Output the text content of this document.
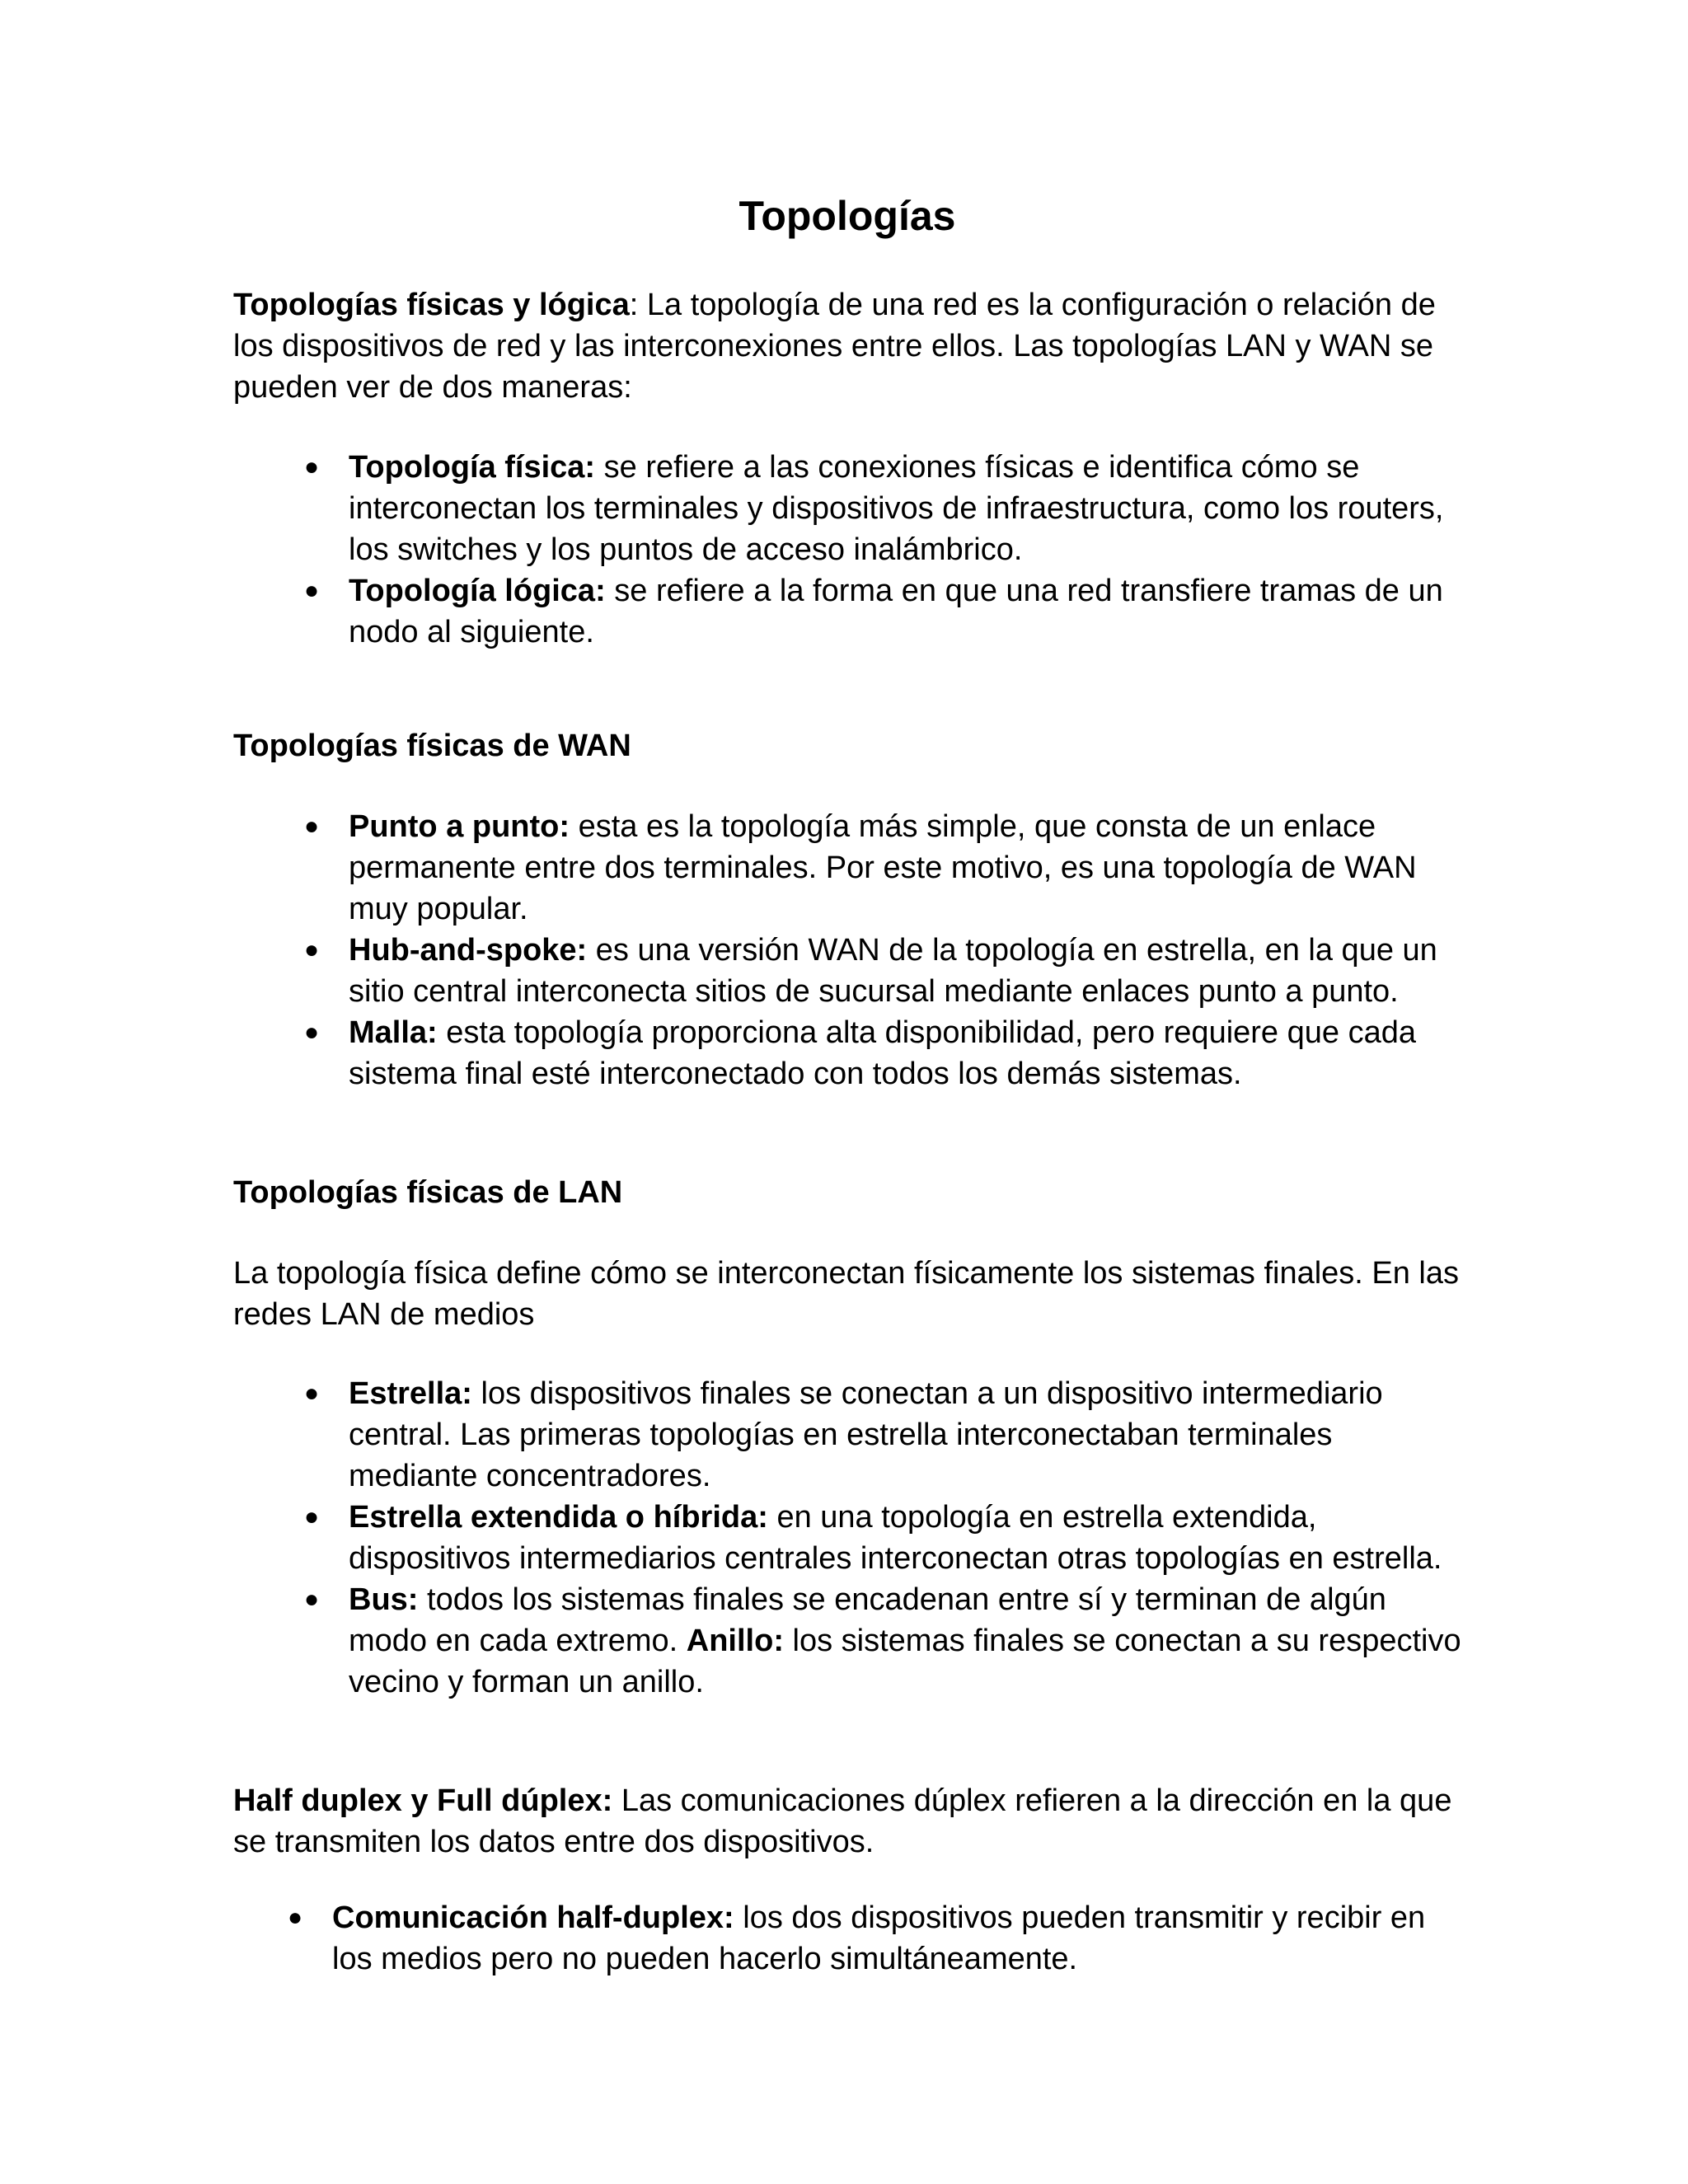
Topologías

Topologías físicas y lógica: La topología de una red es la configuración o relación de los dispositivos de red y las interconexiones entre ellos. Las topologías LAN y WAN se pueden ver de dos maneras:

● Topología física: se refiere a las conexiones físicas e identifica cómo se interconectan los terminales y dispositivos de infraestructura, como los routers, los switches y los puntos de acceso inalámbrico.
● Topología lógica: se refiere a la forma en que una red transfiere tramas de un nodo al siguiente.
Topologías físicas de WAN
● Punto a punto: esta es la topología más simple, que consta de un enlace permanente entre dos terminales. Por este motivo, es una topología de WAN muy popular.
● Hub-and-spoke: es una versión WAN de la topología en estrella, en la que un sitio central interconecta sitios de sucursal mediante enlaces punto a punto.
● Malla: esta topología proporciona alta disponibilidad, pero requiere que cada sistema final esté interconectado con todos los demás sistemas.
Topologías físicas de LAN

La topología física define cómo se interconectan físicamente los sistemas finales. En las redes LAN de medios

● Estrella: los dispositivos finales se conectan a un dispositivo intermediario central. Las primeras topologías en estrella interconectaban terminales mediante concentradores.
● Estrella extendida o híbrida: en una topología en estrella extendida, dispositivos intermediarios centrales interconectan otras topologías en estrella.
● Bus: todos los sistemas finales se encadenan entre sí y terminan de algún modo en cada extremo. Anillo: los sistemas finales se conectan a su respectivo vecino y forman un anillo.

Half duplex y Full dúplex: Las comunicaciones dúplex refieren a la dirección en la que se transmiten los datos entre dos dispositivos.

● Comunicación half-duplex: los dos dispositivos pueden transmitir y recibir en los medios pero no pueden hacerlo simultáneamente.
